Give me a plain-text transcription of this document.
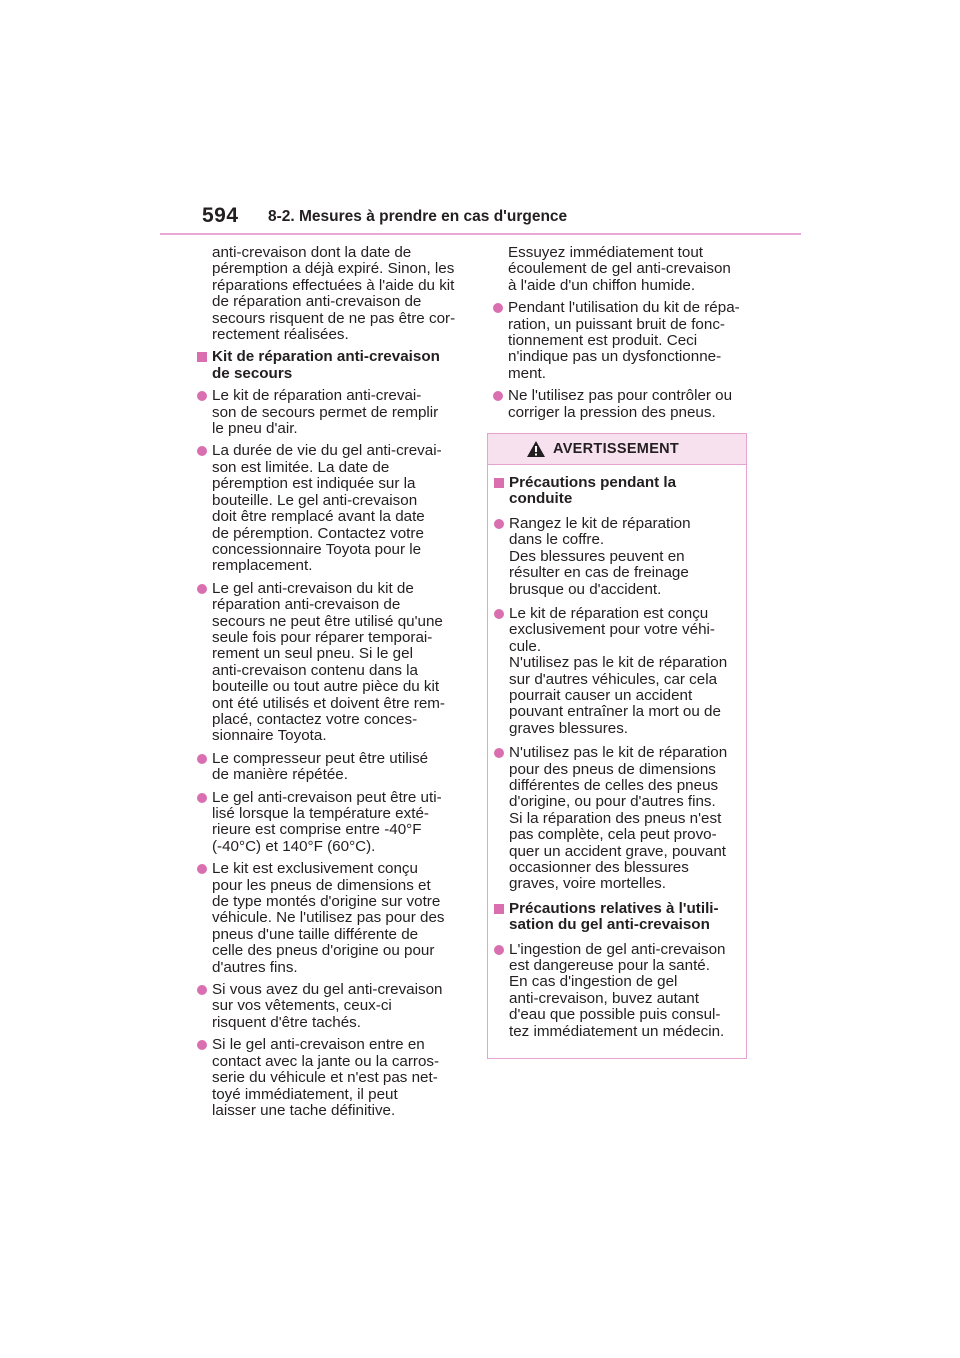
594 8-2. Mesures à prendre en cas d'urgence
anti-crevaison dont la date de
péremption a déjà expiré. Sinon, les
réparations effectuées à l'aide du kit
de réparation anti-crevaison de
secours risquent de ne pas être cor-
rectement réalisées.
Kit de réparation anti-crevaison
de secours
Le kit de réparation anti-crevai-
son de secours permet de remplir
le pneu d'air.
La durée de vie du gel anti-crevai-
son est limitée. La date de
péremption est indiquée sur la
bouteille. Le gel anti-crevaison
doit être remplacé avant la date
de péremption. Contactez votre
concessionnaire Toyota pour le
remplacement.
Le gel anti-crevaison du kit de
réparation anti-crevaison de
secours ne peut être utilisé qu'une
seule fois pour réparer temporai-
rement un seul pneu. Si le gel
anti-crevaison contenu dans la
bouteille ou tout autre pièce du kit
ont été utilisés et doivent être rem-
placé, contactez votre conces-
sionnaire Toyota.
Le compresseur peut être utilisé
de manière répétée.
Le gel anti-crevaison peut être uti-
lisé lorsque la température exté-
rieure est comprise entre -40°F
(-40°C) et 140°F (60°C).
Le kit est exclusivement conçu
pour les pneus de dimensions et
de type montés d'origine sur votre
véhicule. Ne l'utilisez pas pour des
pneus d'une taille différente de
celle des pneus d'origine ou pour
d'autres fins.
Si vous avez du gel anti-crevaison
sur vos vêtements, ceux-ci
risquent d'être tachés.
Si le gel anti-crevaison entre en
contact avec la jante ou la carros-
serie du véhicule et n'est pas net-
toyé immédiatement, il peut
laisser une tache définitive.
Essuyez immédiatement tout
écoulement de gel anti-crevaison
à l'aide d'un chiffon humide.
Pendant l'utilisation du kit de répa-
ration, un puissant bruit de fonc-
tionnement est produit. Ceci
n'indique pas un dysfonctionne-
ment.
Ne l'utilisez pas pour contrôler ou
corriger la pression des pneus.
AVERTISSEMENT
Précautions pendant la
conduite
Rangez le kit de réparation
dans le coffre.
Des blessures peuvent en
résulter en cas de freinage
brusque ou d'accident.
Le kit de réparation est conçu
exclusivement pour votre véhi-
cule.
N'utilisez pas le kit de réparation
sur d'autres véhicules, car cela
pourrait causer un accident
pouvant entraîner la mort ou de
graves blessures.
N'utilisez pas le kit de réparation
pour des pneus de dimensions
différentes de celles des pneus
d'origine, ou pour d'autres fins.
Si la réparation des pneus n'est
pas complète, cela peut provo-
quer un accident grave, pouvant
occasionner des blessures
graves, voire mortelles.
Précautions relatives à l'utili-
sation du gel anti-crevaison
L'ingestion de gel anti-crevaison
est dangereuse pour la santé.
En cas d'ingestion de gel
anti-crevaison, buvez autant
d'eau que possible puis consul-
tez immédiatement un médecin.
